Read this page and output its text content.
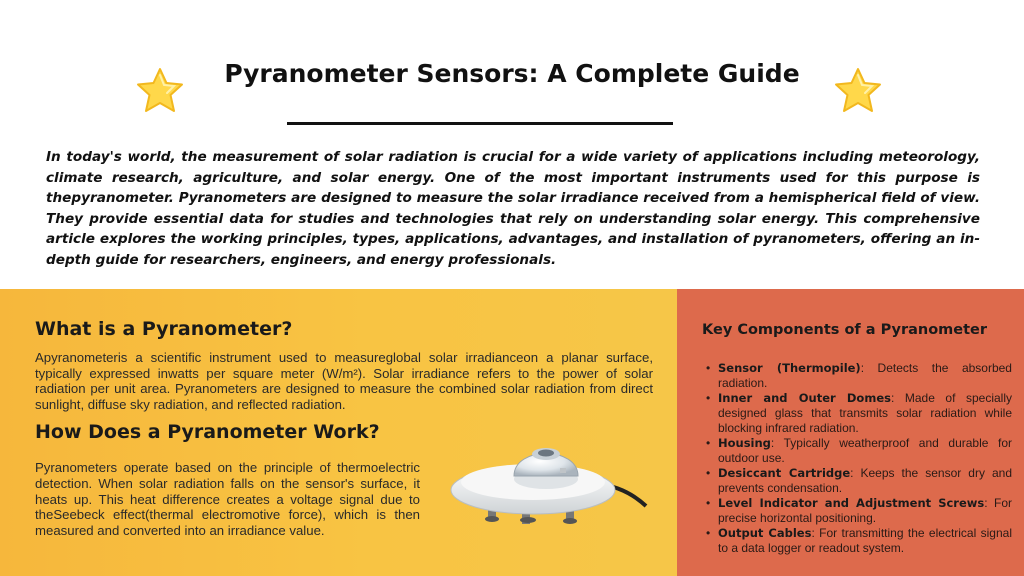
Pyranometer Sensors: A Complete Guide

In today's world, the measurement of solar radiation is crucial for a wide variety of applications including meteorology, climate research, agriculture, and solar energy. One of the most important instruments used for this purpose is thepyranometer. Pyranometers are designed to measure the solar irradiance received from a hemispherical field of view. They provide essential data for studies and technologies that rely on understanding solar energy. This comprehensive article explores the working principles, types, applications, advantages, and installation of pyranometers, offering an in-depth guide for researchers, engineers, and energy professionals.

What is a Pyranometer?

Apyranometeris a scientific instrument used to measureglobal solar irradianceon a planar surface, typically expressed inwatts per square meter (W/m²). Solar irradiance refers to the power of solar radiation per unit area. Pyranometers are designed to measure the combined solar radiation from direct sunlight, diffuse sky radiation, and reflected radiation.

How Does a Pyranometer Work?

Pyranometers operate based on the principle of thermoelectric detection. When solar radiation falls on the sensor's surface, it heats up. This heat difference creates a voltage signal due to theSeebeck effect(thermal electromotive force), which is then measured and converted into an irradiance value.

Key Components of a Pyranometer
• Sensor (Thermopile): Detects the absorbed radiation.
• Inner and Outer Domes: Made of specially designed glass that transmits solar radiation while blocking infrared radiation.
• Housing: Typically weatherproof and durable for outdoor use.
• Desiccant Cartridge: Keeps the sensor dry and prevents condensation.
• Level Indicator and Adjustment Screws: For precise horizontal positioning.
• Output Cables: For transmitting the electrical signal to a data logger or readout system.
